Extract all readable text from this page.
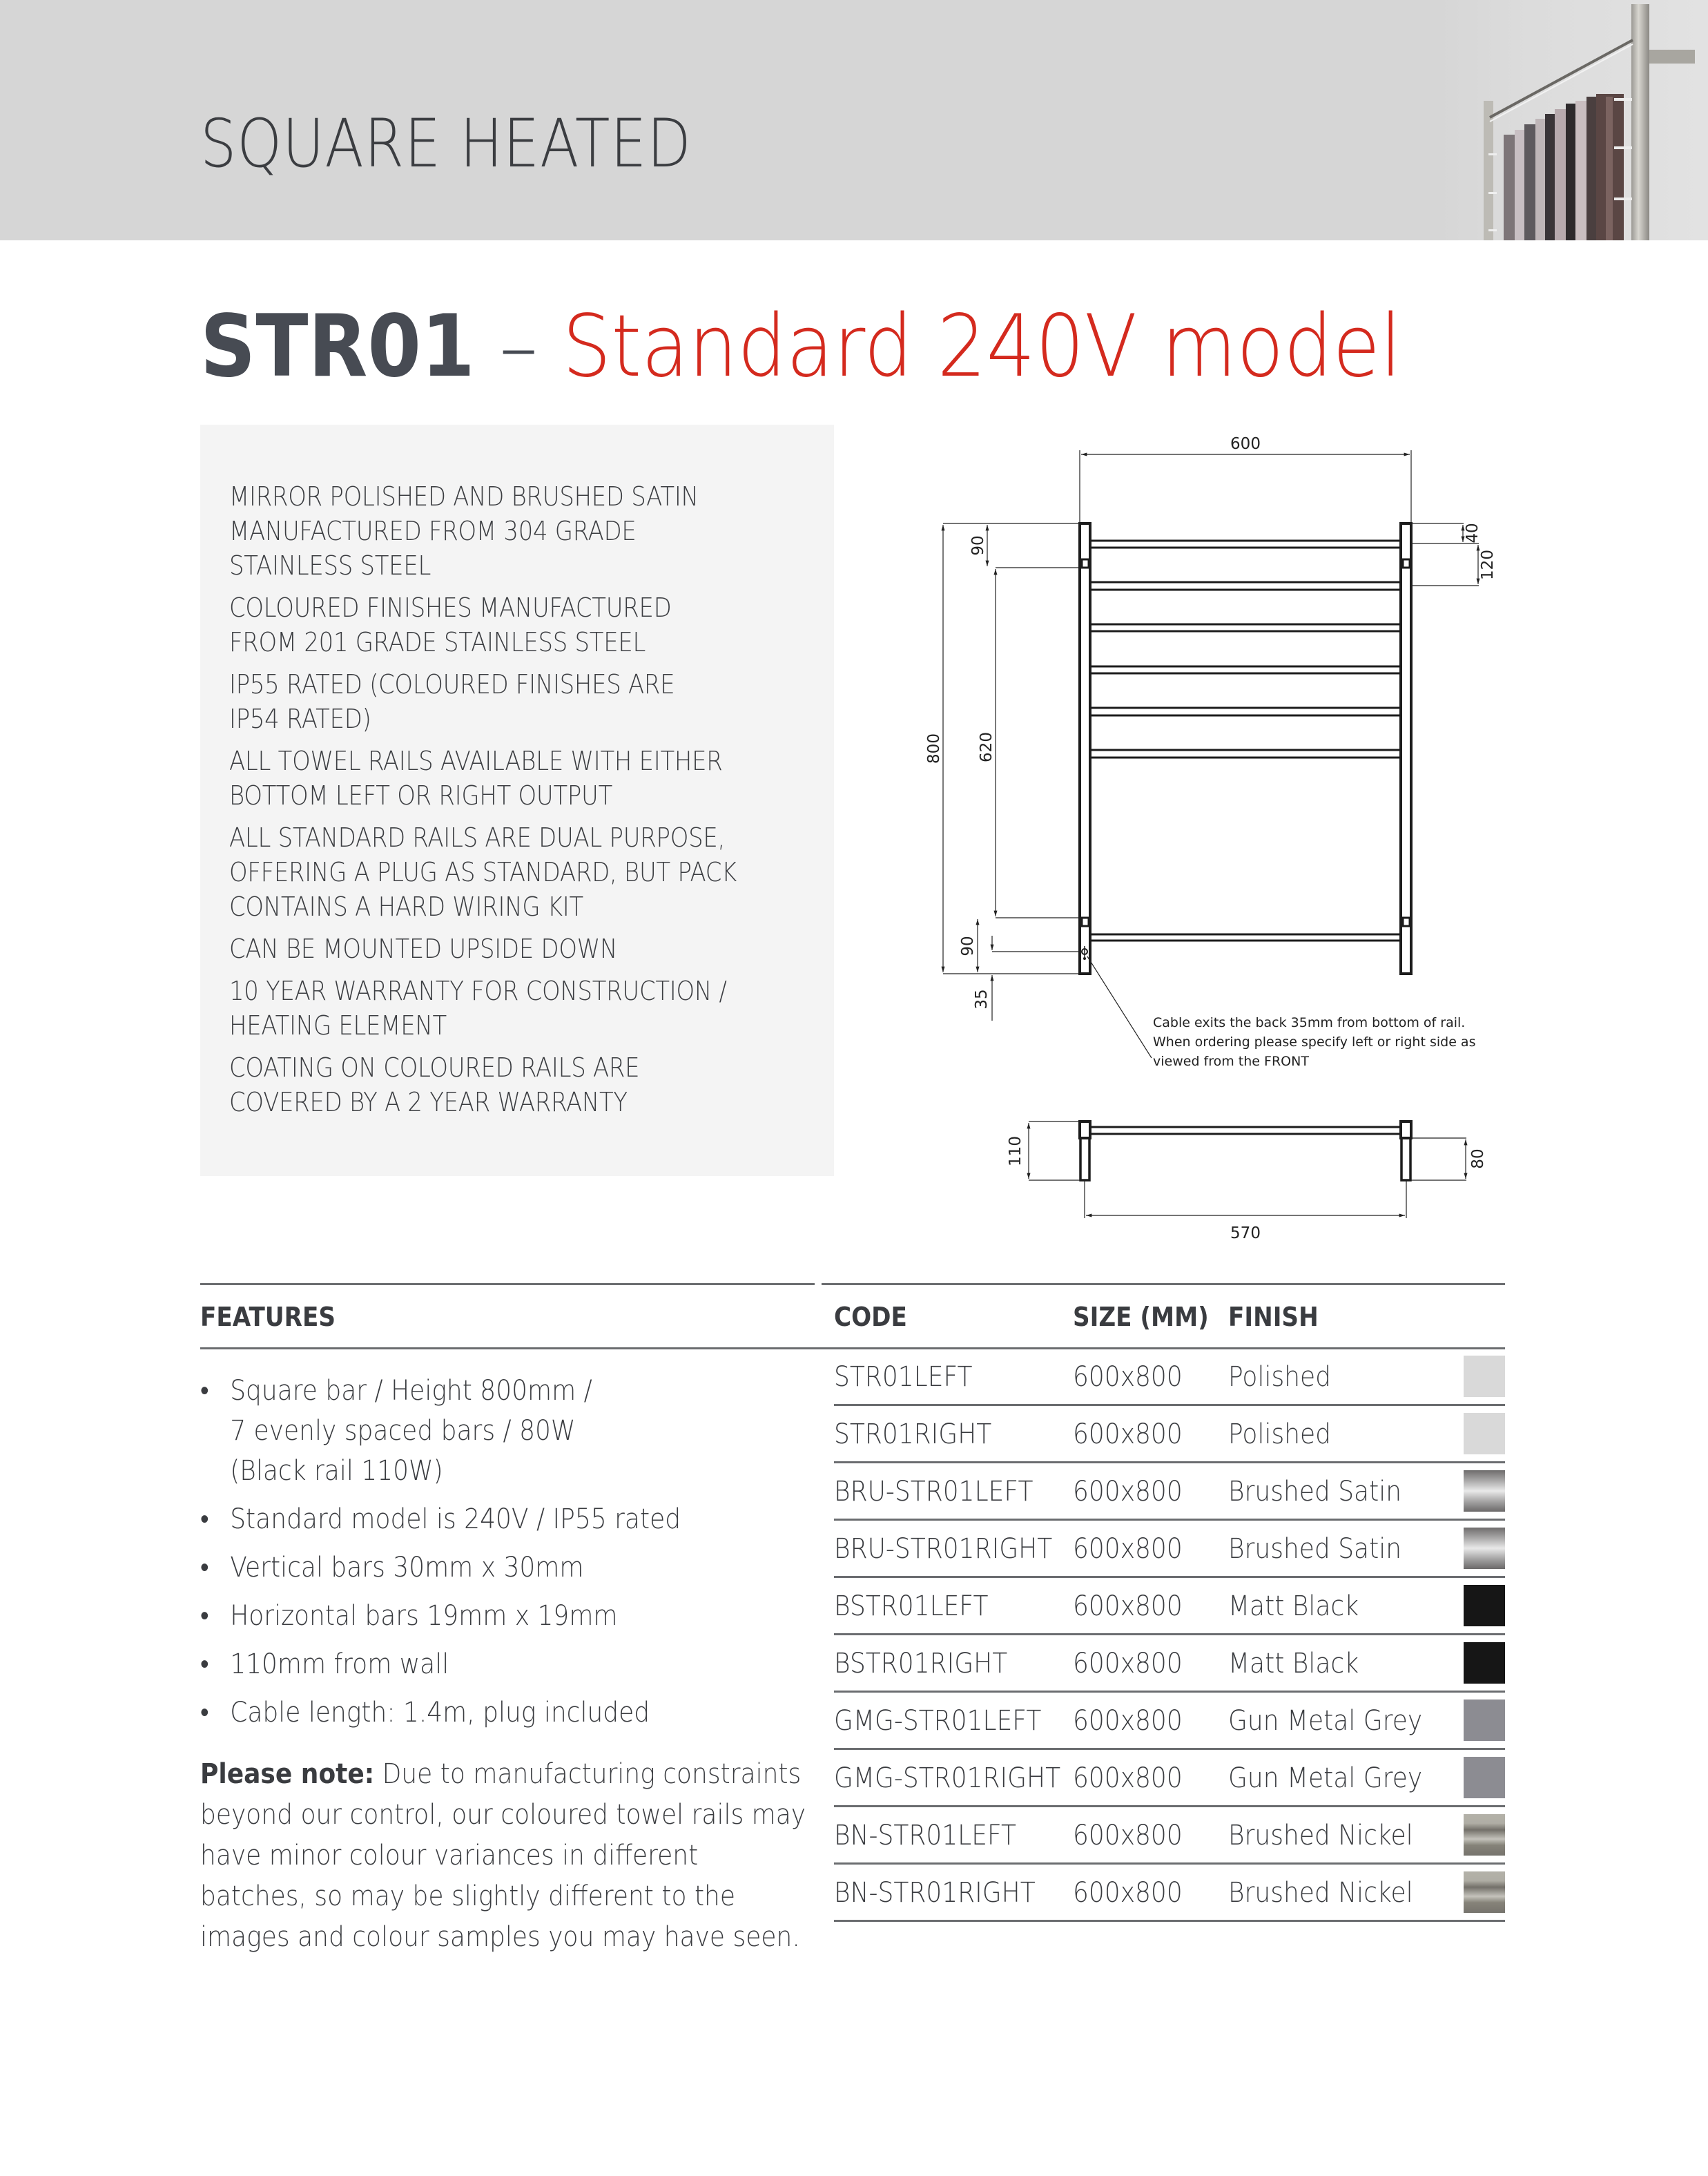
SQUARE HEATED
STR01 – Standard 240V model
MIRROR POLISHED AND BRUSHED SATIN
MANUFACTURED FROM 304 GRADE
STAINLESS STEEL
COLOURED FINISHES MANUFACTURED
FROM 201 GRADE STAINLESS STEEL
IP55 RATED (COLOURED FINISHES ARE
IP54 RATED)
ALL TOWEL RAILS AVAILABLE WITH EITHER
BOTTOM LEFT OR RIGHT OUTPUT
ALL STANDARD RAILS ARE DUAL PURPOSE,
OFFERING A PLUG AS STANDARD, BUT PACK
CONTAINS A HARD WIRING KIT
CAN BE MOUNTED UPSIDE DOWN
10 YEAR WARRANTY FOR CONSTRUCTION /
HEATING ELEMENT
COATING ON COLOURED RAILS ARE
COVERED BY A 2 YEAR WARRANTY
600
800
90
620
90
35
40
120
Cable exits the back 35mm from bottom of rail.
When ordering please specify left or right side as
viewed from the FRONT
110	80
570
FEATURES
• Square bar / Height 800mm /
7 evenly spaced bars / 80W
(Black rail 110W)
• Standard model is 240V / IP55 rated
• Vertical bars 30mm x 30mm
• Horizontal bars 19mm x 19mm
• 110mm from wall
• Cable length: 1.4m, plug included
Please note: Due to manufacturing constraints beyond our control, our coloured towel rails may have minor colour variances in different batches, so may be slightly different to the images and colour samples you may have seen.
CODE	SIZE (MM) FINISH
STR01LEFT	600x800 Polished
STR01RIGHT	600x800 Polished
BRU-STR01LEFT 600x800 Brushed Satin
BRU-STR01RIGHT 600x800 Brushed Satin
BSTR01LEFT	600x800 Matt Black
BSTR01RIGHT 600x800 Matt Black
GMG-STR01LEFT 600x800 Gun Metal Grey
GMG-STR01RIGHT 600x800 Gun Metal Grey
BN-STR01LEFT 600x800 Brushed Nickel
BN-STR01RIGHT 600x800 Brushed Nickel
